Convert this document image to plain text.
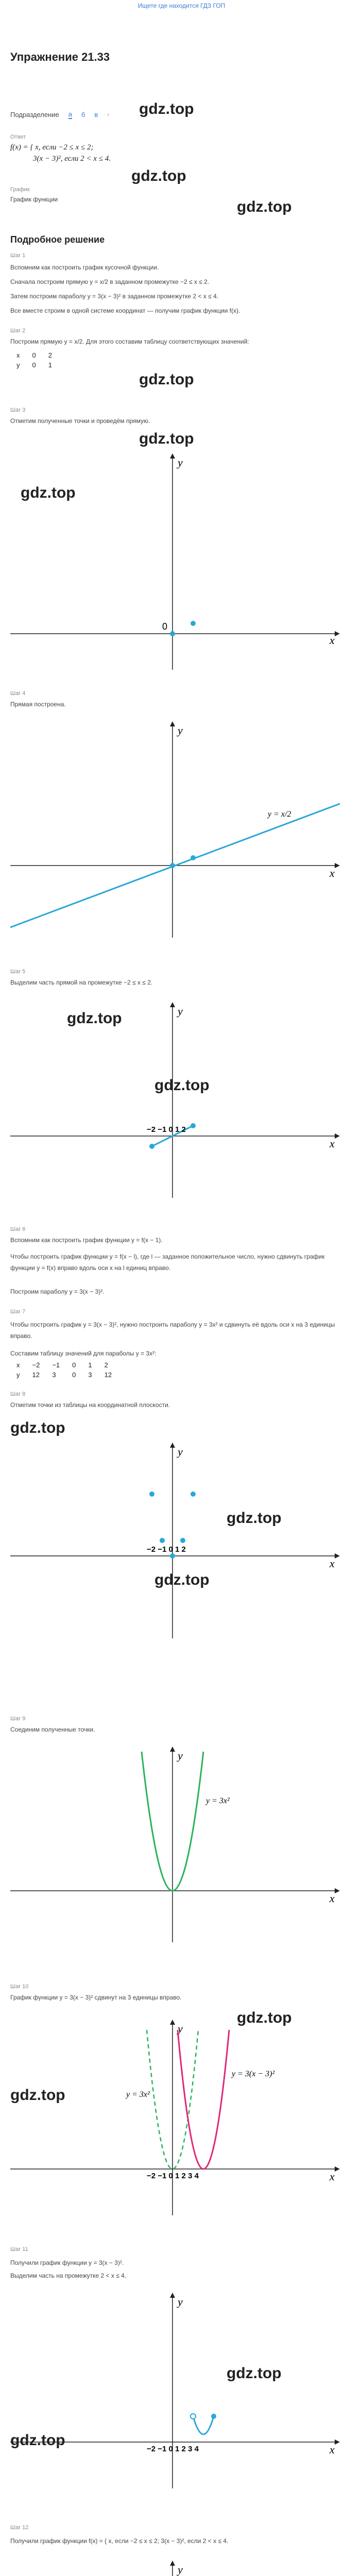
Ищете где находится ГДЗ ГОП
Упражнение 21.33
Подразделение а б в › gdz.top
Ответ
f(x) = { x, если −2 ≤ x ≤ 2;
3(x − 3)², если 2 < x ≤ 4.
gdz.top
gdz.top
График
График функции
Подробное решение
Шаг 1
Вспомним как построить график кусочной функции.
Сначала построим прямую y = x/2 в заданном промежутке −2 ≤ x ≤ 2.
Затем построим параболу y = 3(x − 3)² в заданном промежутке 2 < x ≤ 4.
Все вместе строим в одной системе координат — получим график функции f(x).
Шаг 2
Построим прямую y = x/2. Для этого составим таблицу соответствующих значений:
x	0	2
y	0	1
gdz.top
Шаг 3
Отметим полученные точки и проведём прямую.
gdz.top
gdz.top
x
y
0
Шаг 4
Прямая построена.
x
y
y = x/2
Шаг 5
Выделим часть прямой на промежутке −2 ≤ x ≤ 2.
gdz.top
gdz.top
x
y
−2 −1 0 1 2
Шаг 6
Вспомним как построить график функции y = f(x − 1).
Чтобы построить график функции y = f(x − l), где l — заданное положительное число, нужно сдвинуть график функции y = f(x) вправо вдоль оси x на l единиц вправо.
Построим параболу y = 3(x − 3)².
Шаг 7
Чтобы построить график y = 3(x − 3)², нужно построить параболу y = 3x² и сдвинуть её вдоль оси x на 3 единицы вправо.
Составим таблицу значений для параболы y = 3x²:
x	−2	−1	0	1	2
y	12	3	0	3	12
Шаг 8
Отметим точки из таблицы на координатной плоскости.
gdz.top
gdz.top
gdz.top
x
y
−2 −1 0 1 2
Шаг 9
Соединим полученные точки.
x
y
y = 3x²
Шаг 10
График функции y = 3(x − 3)² сдвинут на 3 единицы вправо.
gdz.top
gdz.top
x
y
y = 3(x − 3)²
y = 3x²
−2 −1 0 1 2 3 4
Шаг 11
Получили график функции y = 3(x − 3)².
Выделим часть на промежутке 2 < x ≤ 4.
gdz.top
gdz.top
x
y
−2 −1 0 1 2 3 4
Шаг 12
Получили график функции f(x) = { x, если −2 ≤ x ≤ 2; 3(x − 3)², если 2 < x ≤ 4.
y
